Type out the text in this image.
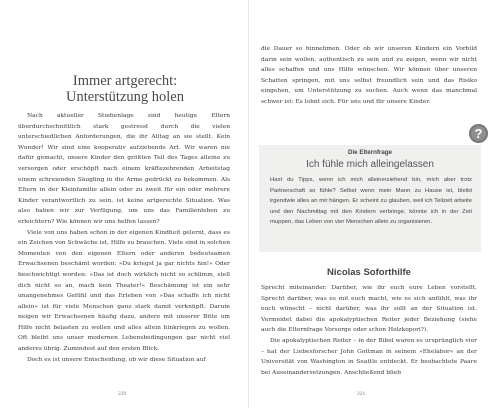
Immer artgerecht: Unterstützung holen
Nach aktueller Studienlage sind heutige Eltern überdurchschnittlich stark gestresst durch die vielen unterschiedlichen Anforderungen, die ihr Alltag an sie stellt. Kein Wunder! Wir sind eine kooperativ aufziehende Art. Wir waren nie dafür gemacht, unsere Kinder den größten Teil des Tages alleine zu versorgen oder erschöpft nach einem kräftezehrenden Arbeitstag einem schreienden Säugling in die Arme gedrückt zu bekommen. Als Eltern in der Kleinfamilie allein oder zu zweit für ein oder mehrere Kinder verantwortlich zu sein, ist keine artgerechte Situation. Was also haben wir zur Verfügung, um uns das Familienleben zu erleichtern? Wie können wir uns helfen lassen?
Viele von uns haben schon in der eigenen Kindheit gelernt, dass es ein Zeichen von Schwäche ist, Hilfe zu brauchen. Viele sind in solchen Momenten von den eigenen Eltern oder anderen bedeutsamen Erwachsenen beschämt worden: »Du kriegst ja gar nichts hin!« Oder beschwichtigt worden: »Das ist doch wirklich nicht so schlimm, stell dich nicht so an, mach kein Theater!« Beschämung ist ein sehr unangenehmes Gefühl und das Erleben von »Das schaffe ich nicht allein« ist für viele Menschen ganz stark damit verknüpft. Darum neigen wir Erwachsenen häufig dazu, andere mit unserer Bitte um Hilfe nicht belasten zu wollen und alles allein hinkriegen zu wollen. Oft bleibt uns unser modernen Lebensbedingungen gar nicht viel anderes übrig. Zumindest auf den ersten Blick.
Doch es ist unsere Entscheidung, ob wir diese Situation auf
220
die Dauer so hinnehmen. Oder ob wir unseren Kindern ein Vorbild darin sein wollen, authentisch zu sein und zu zeigen, wenn wir nicht alles schaffen und uns Hilfe wünschen. Wir können über unseren Schatten springen, mit uns selbst freundlich sein und das Risiko eingehen, um Unterstützung zu suchen. Auch wenn das manchmal schwer ist: Es lohnt sich. Für uns und für unsere Kinder.
?
Die Elternfrage
Ich fühle mich alleingelassen
Hast du Tipps, wenn ich mich alleinerziehend bin, mich aber trotz Partnerschaft so fühle? Selbst wenn mein Mann zu Hause ist, bleibt irgendwie alles an mir hängen. Er scheint zu glauben, weil ich Teilzeit arbeite und den Nachmittag mit den Kindern verbringe, könnte ich in der Zeit muppen, das Leben von vier Menschen allein zu organisieren.
Nicolas Soforthilfe
Sprecht miteinander. Darüber, wie ihr euch eure Leben vorstellt. Sprecht darüber, was es mit euch macht, wie es sich anfühlt, was ihr euch wünscht – nicht darüber, was ihr sollt an der Situation ist. Vermeidet dabei die apokalyptischen Reiter jeder Beziehung (siehe auch die Elternfrage Vorsorge oder schon Holzkopori?).
Die apokalyptischen Reiter – in der Bibel waren es ursprünglich vier – hat der Liebesforscher John Gottman in seinem »Ehelabor« an der Universität von Washington in Seattle entdeckt. Er beobachtete Paare bei Auseinandersetzungen. Anschließend blieb
221
